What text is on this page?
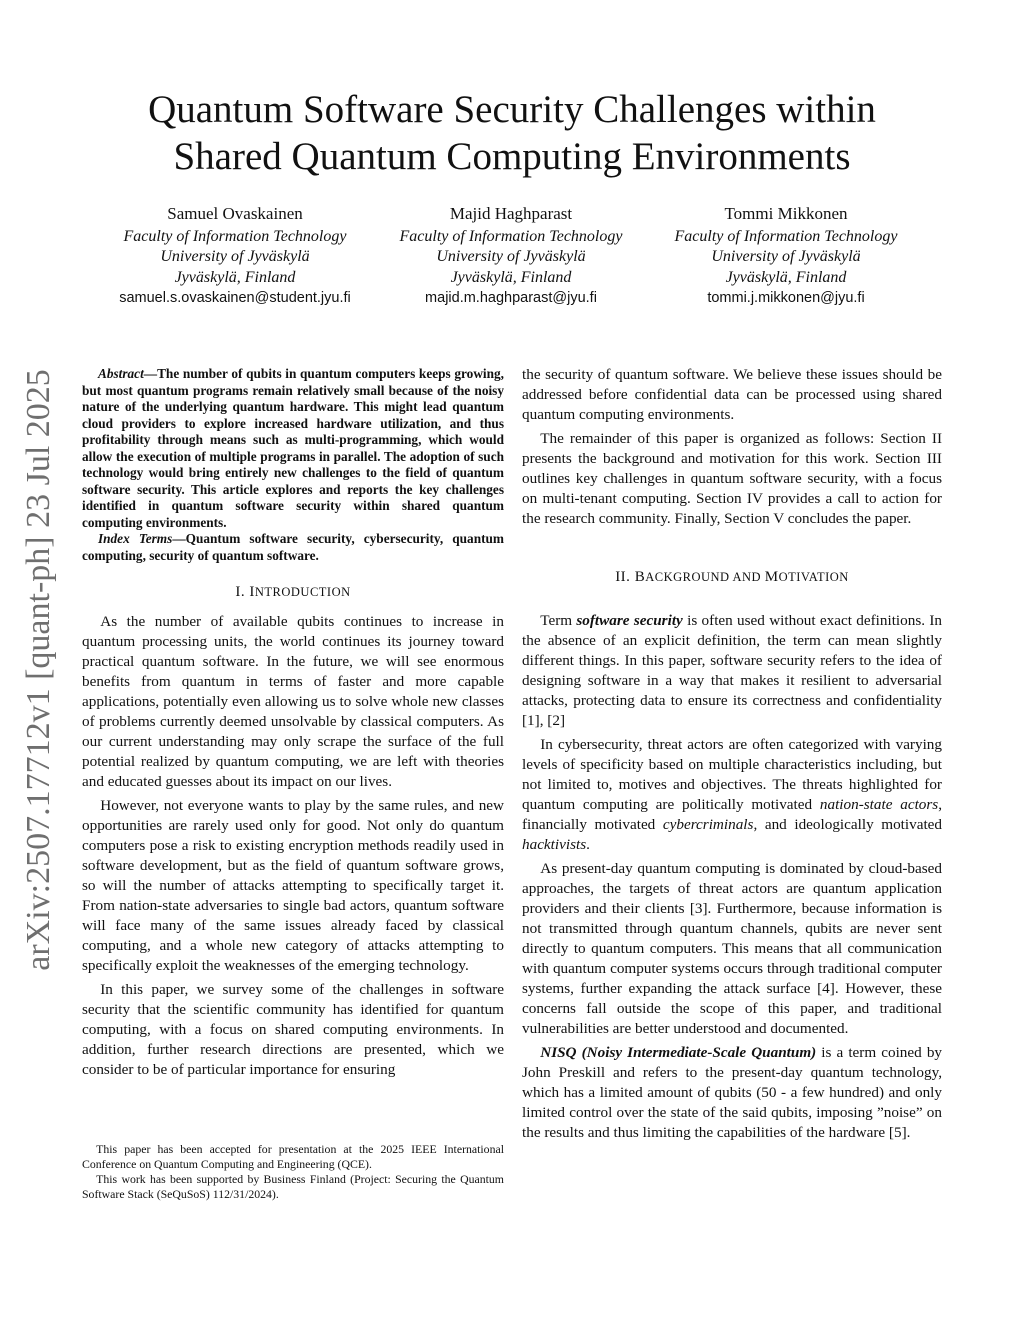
Quantum Software Security Challenges within
Shared Quantum Computing Environments
Samuel Ovaskainen
Faculty of Information Technology
University of Jyväskylä
Jyväskylä, Finland
samuel.s.ovaskainen@student.jyu.fi
Majid Haghparast
Faculty of Information Technology
University of Jyväskylä
Jyväskylä, Finland
majid.m.haghparast@jyu.fi
Tommi Mikkonen
Faculty of Information Technology
University of Jyväskylä
Jyväskylä, Finland
tommi.j.mikkonen@jyu.fi
arXiv:2507.17712v1 [quant-ph] 23 Jul 2025	Abstract—The number of qubits in quantum computers keeps growing, but most quantum programs remain relatively small because of the noisy nature of the underlying quantum hardware. This might lead quantum cloud providers to explore increased hardware utilization, and thus profitability through means such as multi-programming, which would allow the execution of multiple programs in parallel. The adoption of such technology would bring entirely new challenges to the field of quantum software security. This article explores and reports the key challenges identified in quantum software security within shared quantum computing environments.

Index Terms—Quantum software security, cybersecurity, quantum computing, security of quantum software.

I. INTRODUCTION

As the number of available qubits continues to increase in quantum processing units, the world continues its journey toward practical quantum software. In the future, we will see enormous benefits from quantum in terms of faster and more capable applications, potentially even allowing us to solve whole new classes of problems currently deemed unsolvable by classical computers. As our current understanding may only scrape the surface of the full potential realized by quantum computing, we are left with theories and educated guesses about its impact on our lives.

However, not everyone wants to play by the same rules, and new opportunities are rarely used only for good. Not only do quantum computers pose a risk to existing encryption methods readily used in software development, but as the field of quantum software grows, so will the number of attacks attempting to specifically target it. From nation-state adversaries to single bad actors, quantum software will face many of the same issues already faced by classical computing, and a whole new category of attacks attempting to specifically exploit the weaknesses of the emerging technology.

In this paper, we survey some of the challenges in software security that the scientific community has identified for quantum computing, with a focus on shared computing environments. In addition, further research directions are presented, which we consider to be of particular importance for ensuring

This paper has been accepted for presentation at the 2025 IEEE International Conference on Quantum Computing and Engineering (QCE).

This work has been supported by Business Finland (Project: Securing the Quantum Software Stack (SeQuSoS) 112/31/2024).

the security of quantum software. We believe these issues should be addressed before confidential data can be processed using shared quantum computing environments.

The remainder of this paper is organized as follows: Section II presents the background and motivation for this work. Section III outlines key challenges in quantum software security, with a focus on multi-tenant computing. Section IV provides a call to action for the research community. Finally, Section V concludes the paper.

II. BACKGROUND AND MOTIVATION

Term software security is often used without exact definitions. In the absence of an explicit definition, the term can mean slightly different things. In this paper, software security refers to the idea of designing software in a way that makes it resilient to adversarial attacks, protecting data to ensure its correctness and confidentiality [1], [2]

In cybersecurity, threat actors are often categorized with varying levels of specificity based on multiple characteristics including, but not limited to, motives and objectives. The threats highlighted for quantum computing are politically motivated nation-state actors, financially motivated cybercriminals, and ideologically motivated hacktivists.

As present-day quantum computing is dominated by cloud-based approaches, the targets of threat actors are quantum application providers and their clients [3]. Furthermore, because information is not transmitted through quantum channels, qubits are never sent directly to quantum computers. This means that all communication with quantum computer systems occurs through traditional computer systems, further expanding the attack surface [4]. However, these concerns fall outside the scope of this paper, and traditional vulnerabilities are better understood and documented.

NISQ (Noisy Intermediate-Scale Quantum) is a term coined by John Preskill and refers to the present-day quantum technology, which has a limited amount of qubits (50 - a few hundred) and only limited control over the state of the said qubits, imposing ”noise” on the results and thus limiting the capabilities of the hardware [5].
